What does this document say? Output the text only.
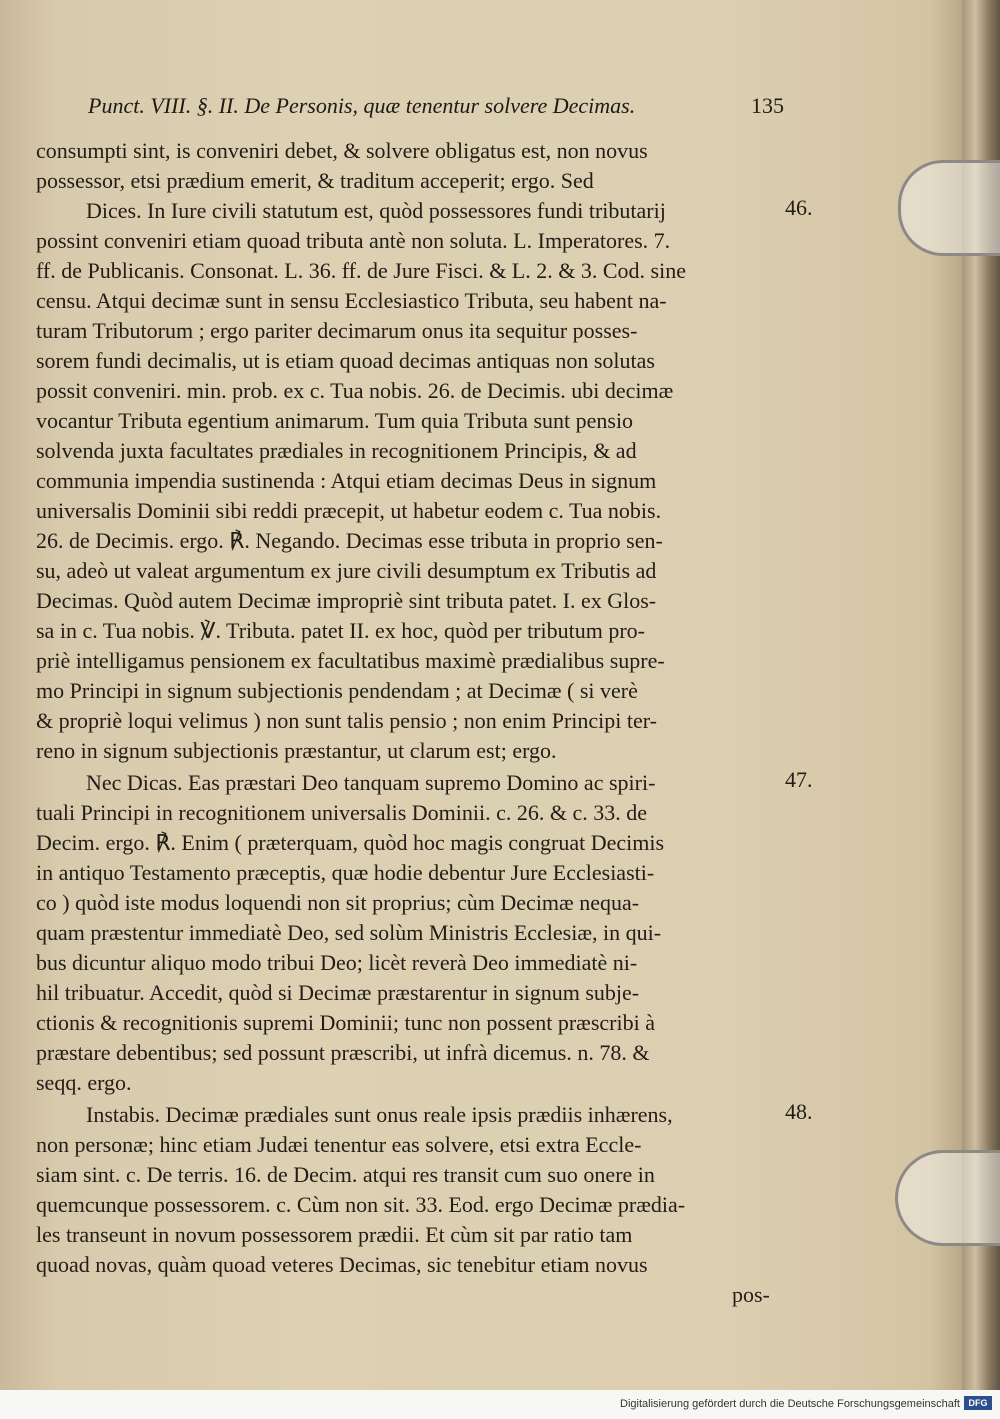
Punct. VIII. §. II. De Personis, quæ tenentur solvere Decimas.	135
consumpti sint, is conveniri debet, & solvere obligatus est, non novus
possessor, etsi prædium emerit, & traditum acceperit; ergo. Sed
Dices. In Iure civili statutum est, quòd possessores fundi tributarij
possint conveniri etiam quoad tributa antè non soluta. L. Imperatores. 7.
ff. de Publicanis. Consonat. L. 36. ff. de Jure Fisci. & L. 2. & 3. Cod. sine
censu. Atqui decimæ sunt in sensu Ecclesiastico Tributa, seu habent na-
turam Tributorum ; ergo pariter decimarum onus ita sequitur posses-
sorem fundi decimalis, ut is etiam quoad decimas antiquas non solutas
possit conveniri. min. prob. ex c. Tua nobis. 26. de Decimis. ubi decimæ
vocantur Tributa egentium animarum. Tum quia Tributa sunt pensio
solvenda juxta facultates prædiales in recognitionem Principis, & ad
communia impendia sustinenda : Atqui etiam decimas Deus in signum
universalis Dominii sibi reddi præcepit, ut habetur eodem c. Tua nobis.
26. de Decimis. ergo. ℟. Negando. Decimas esse tributa in proprio sen-
su, adeò ut valeat argumentum ex jure civili desumptum ex Tributis ad
Decimas. Quòd autem Decimæ impropriè sint tributa patet. I. ex Glos-
sa in c. Tua nobis. ℣. Tributa. patet II. ex hoc, quòd per tributum pro-
priè intelligamus pensionem ex facultatibus maximè prædialibus supre-
mo Principi in signum subjectionis pendendam ; at Decimæ ( si verè
& propriè loqui velimus ) non sunt talis pensio ; non enim Principi ter-
reno in signum subjectionis præstantur, ut clarum est; ergo.
Nec Dicas. Eas præstari Deo tanquam supremo Domino ac spiri-
tuali Principi in recognitionem universalis Dominii. c. 26. & c. 33. de
Decim. ergo. ℟. Enim ( præterquam, quòd hoc magis congruat Decimis
in antiquo Testamento præceptis, quæ hodie debentur Jure Ecclesiasti-
co ) quòd iste modus loquendi non sit proprius; cùm Decimæ nequa-
quam præstentur immediatè Deo, sed solùm Ministris Ecclesiæ, in qui-
bus dicuntur aliquo modo tribui Deo; licèt reverà Deo immediatè ni-
hil tribuatur. Accedit, quòd si Decimæ præstarentur in signum subje-
ctionis & recognitionis supremi Dominii; tunc non possent præscribi à
præstare debentibus; sed possunt præscribi, ut infrà dicemus. n. 78. &
seqq. ergo.
Instabis. Decimæ prædiales sunt onus reale ipsis prædiis inhærens,
non personæ; hinc etiam Judæi tenentur eas solvere, etsi extra Eccle-
siam sint. c. De terris. 16. de Decim. atqui res transit cum suo onere in
quemcunque possessorem. c. Cùm non sit. 33. Eod. ergo Decimæ prædia-
les transeunt in novum possessorem prædii. Et cùm sit par ratio tam
quoad novas, quàm quoad veteres Decimas, sic tenebitur etiam novus
46.
47.
48.
pos-
Digitalisierung gefördert durch die Deutsche Forschungsgemeinschaft DFG
